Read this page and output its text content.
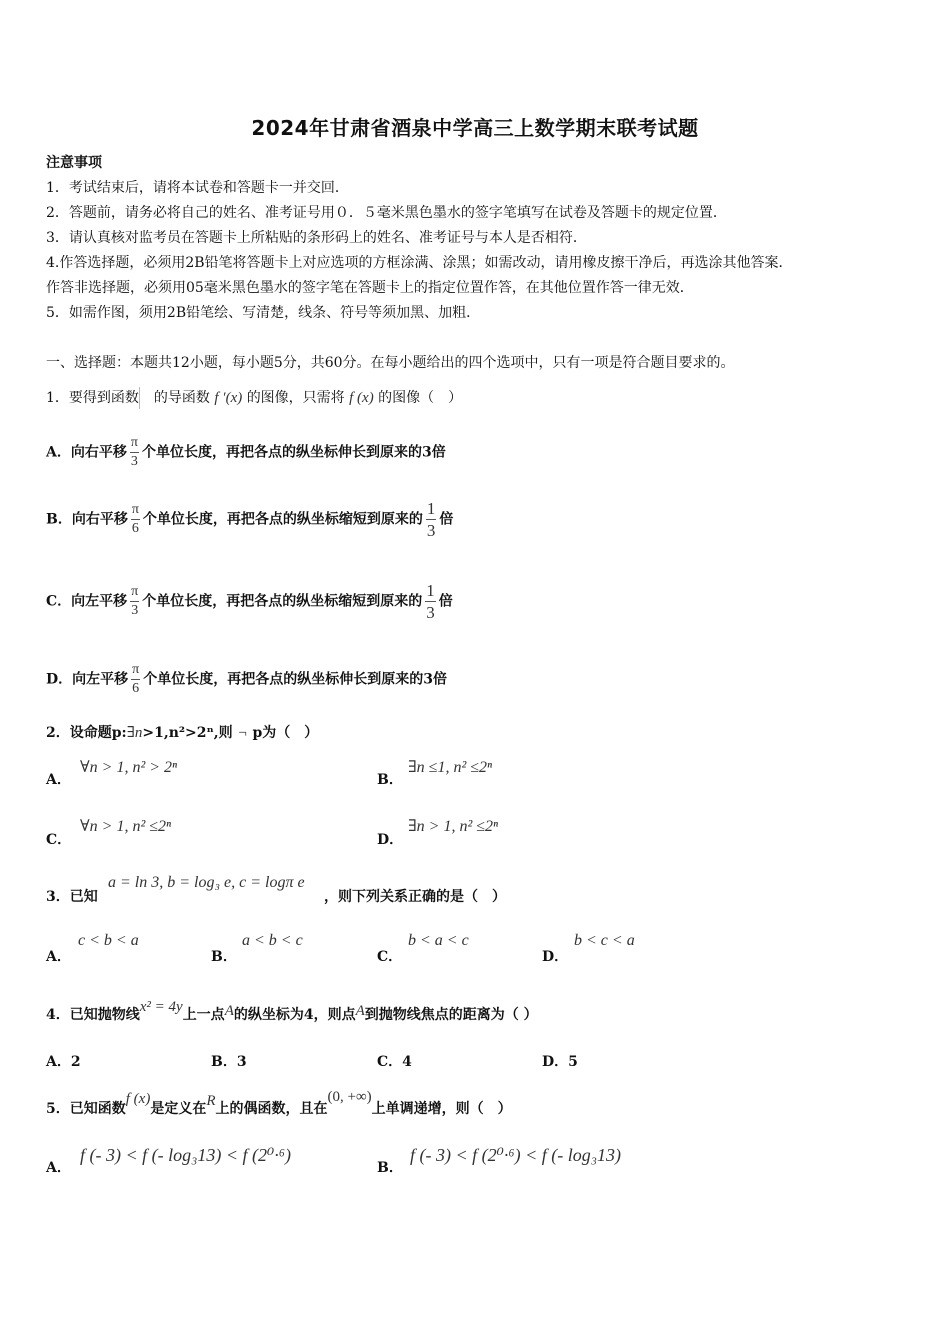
2024年甘肃省酒泉中学高三上数学期末联考试题
注意事项
1．考试结束后，请将本试卷和答题卡一并交回．
2．答题前，请务必将自己的姓名、准考证号用０．５毫米黑色墨水的签字笔填写在试卷及答题卡的规定位置．
3．请认真核对监考员在答题卡上所粘贴的条形码上的姓名、准考证号与本人是否相符．
4.作答选择题，必须用2B铅笔将答题卡上对应选项的方框涂满、涂黑；如需改动，请用橡皮擦干净后，再选涂其他答案．
作答非选择题，必须用05毫米黑色墨水的签字笔在答题卡上的指定位置作答，在其他位置作答一律无效．
5．如需作图，须用2B铅笔绘、写清楚，线条、符号等须加黑、加粗．
一、选择题：本题共12小题，每小题5分，共60分。在每小题给出的四个选项中，只有一项是符合题目要求的。
1．要得到函数 的导函数 f ′(x) 的图像，只需将 f (x) 的图像（　）
A．向右平移 $\frac{\pi}{3}$ 个单位长度，再把各点的纵坐标伸长到原来的3倍
B．向右平移 $\frac{\pi}{6}$ 个单位长度，再把各点的纵坐标缩短到原来的 $\frac{1}{3}$ 倍
C．向左平移 $\frac{\pi}{3}$ 个单位长度，再把各点的纵坐标缩短到原来的 $\frac{1}{3}$ 倍
D．向左平移 $\frac{\pi}{6}$ 个单位长度，再把各点的纵坐标伸长到原来的3倍
2．设命题p:∃n>1,n²>2ⁿ,则 ¬ p为（　）
A．
∀n > 1, n² > 2ⁿ
B．
∃n ≤1, n² ≤2ⁿ
C．
∀n > 1, n² ≤2ⁿ
D．
∃n > 1, n² ≤2ⁿ
3．已知
a = ln 3, b = log₃ e, c = logπ e
，则下列关系正确的是（　）
A．
c < b < a
B．
a < b < c
C．
b < a < c
D．
b < c < a
4．已知抛物线x² = 4y上一点A的纵坐标为4，则点A到抛物线焦点的距离为（ ）
A．2	B．3	C．4	D．5
5．已知函数f (x)是定义在R上的偶函数，且在(0, +∞)上单调递增，则（　）
A．
f (- 3) < f (- log₃13) < f (2⁰·⁶)
B．
f (- 3) < f (2⁰·⁶) < f (- log₃13)
